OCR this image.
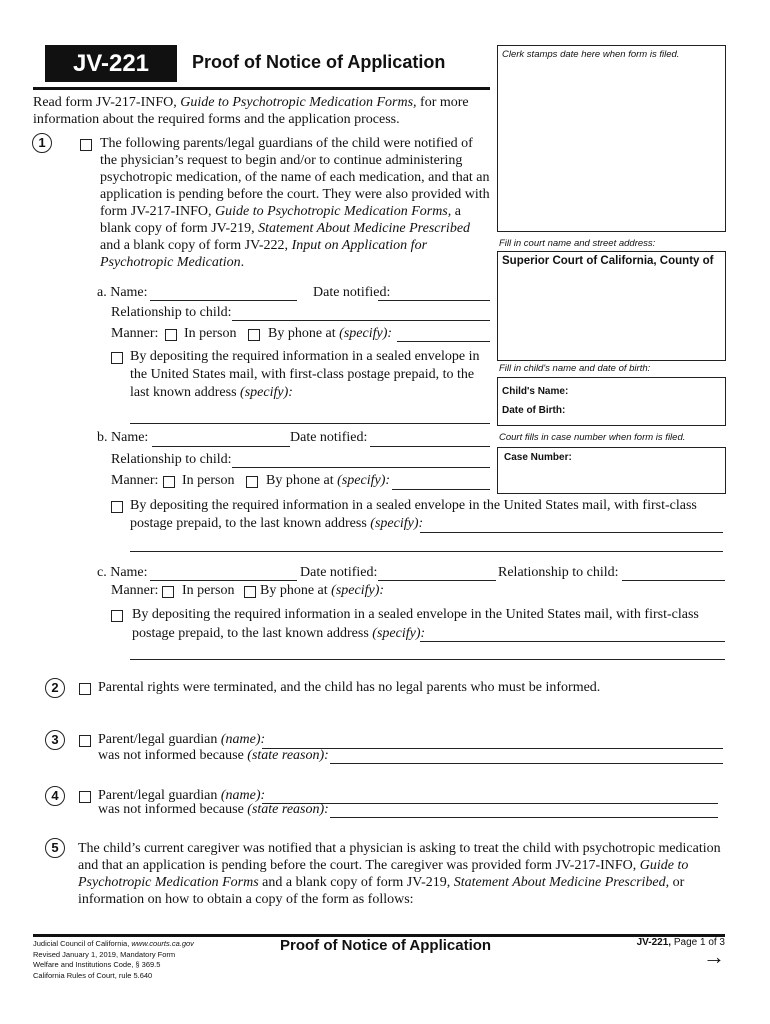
JV-221	Proof of Notice of Application	Clerk stamps date here when form is filed.
Fill in court name and street address:
Superior Court of California, County of
Fill in child's name and date of birth:
Child's Name:
Date of Birth:
Court fills in case number when form is filed.
Case Number:
Read form JV-217-INFO, Guide to Psychotropic Medication Forms, for more information about the required forms and the application process.
1	The following parents/legal guardians of the child were notified of the physician’s request to begin and/or to continue administering psychotropic medication, of the name of each medication, and that an application is pending before the court. They were also provided with form JV-217-INFO, Guide to Psychotropic Medication Forms, a blank copy of form JV-219, Statement About Medicine Prescribed and a blank copy of form JV-222, Input on Application for Psychotropic Medication.
a. Name:	Date notified:
Relationship to child:
Manner: In person By phone at (specify):
By depositing the required information in a sealed envelope in
the United States mail, with first-class postage prepaid, to the
last known address (specify):
b. Name:	Date notified:
Relationship to child:
Manner: In person By phone at (specify):
By depositing the required information in a sealed envelope in the United States mail, with first-class
postage prepaid, to the last known address (specify):
c. Name:	Date notified:	Relationship to child:
Manner: In person By phone at (specify):
By depositing the required information in a sealed envelope in the United States mail, with first-class
postage prepaid, to the last known address (specify):
2	Parental rights were terminated, and the child has no legal parents who must be informed.
3	Parent/legal guardian (name):
was not informed because (state reason):
4	Parent/legal guardian (name):
was not informed because (state reason):
5	The child’s current caregiver was notified that a physician is asking to treat the child with psychotropic medication and that an application is pending before the court. The caregiver was provided form JV-217-INFO, Guide to Psychotropic Medication Forms and a blank copy of form JV-219, Statement About Medicine Prescribed, or information on how to obtain a copy of the form as follows:
Judicial Council of California, www.courts.ca.gov
Revised January 1, 2019, Mandatory Form
Welfare and Institutions Code, § 369.5
California Rules of Court, rule 5.640
Proof of Notice of Application	JV-221, Page 1 of 3
→
